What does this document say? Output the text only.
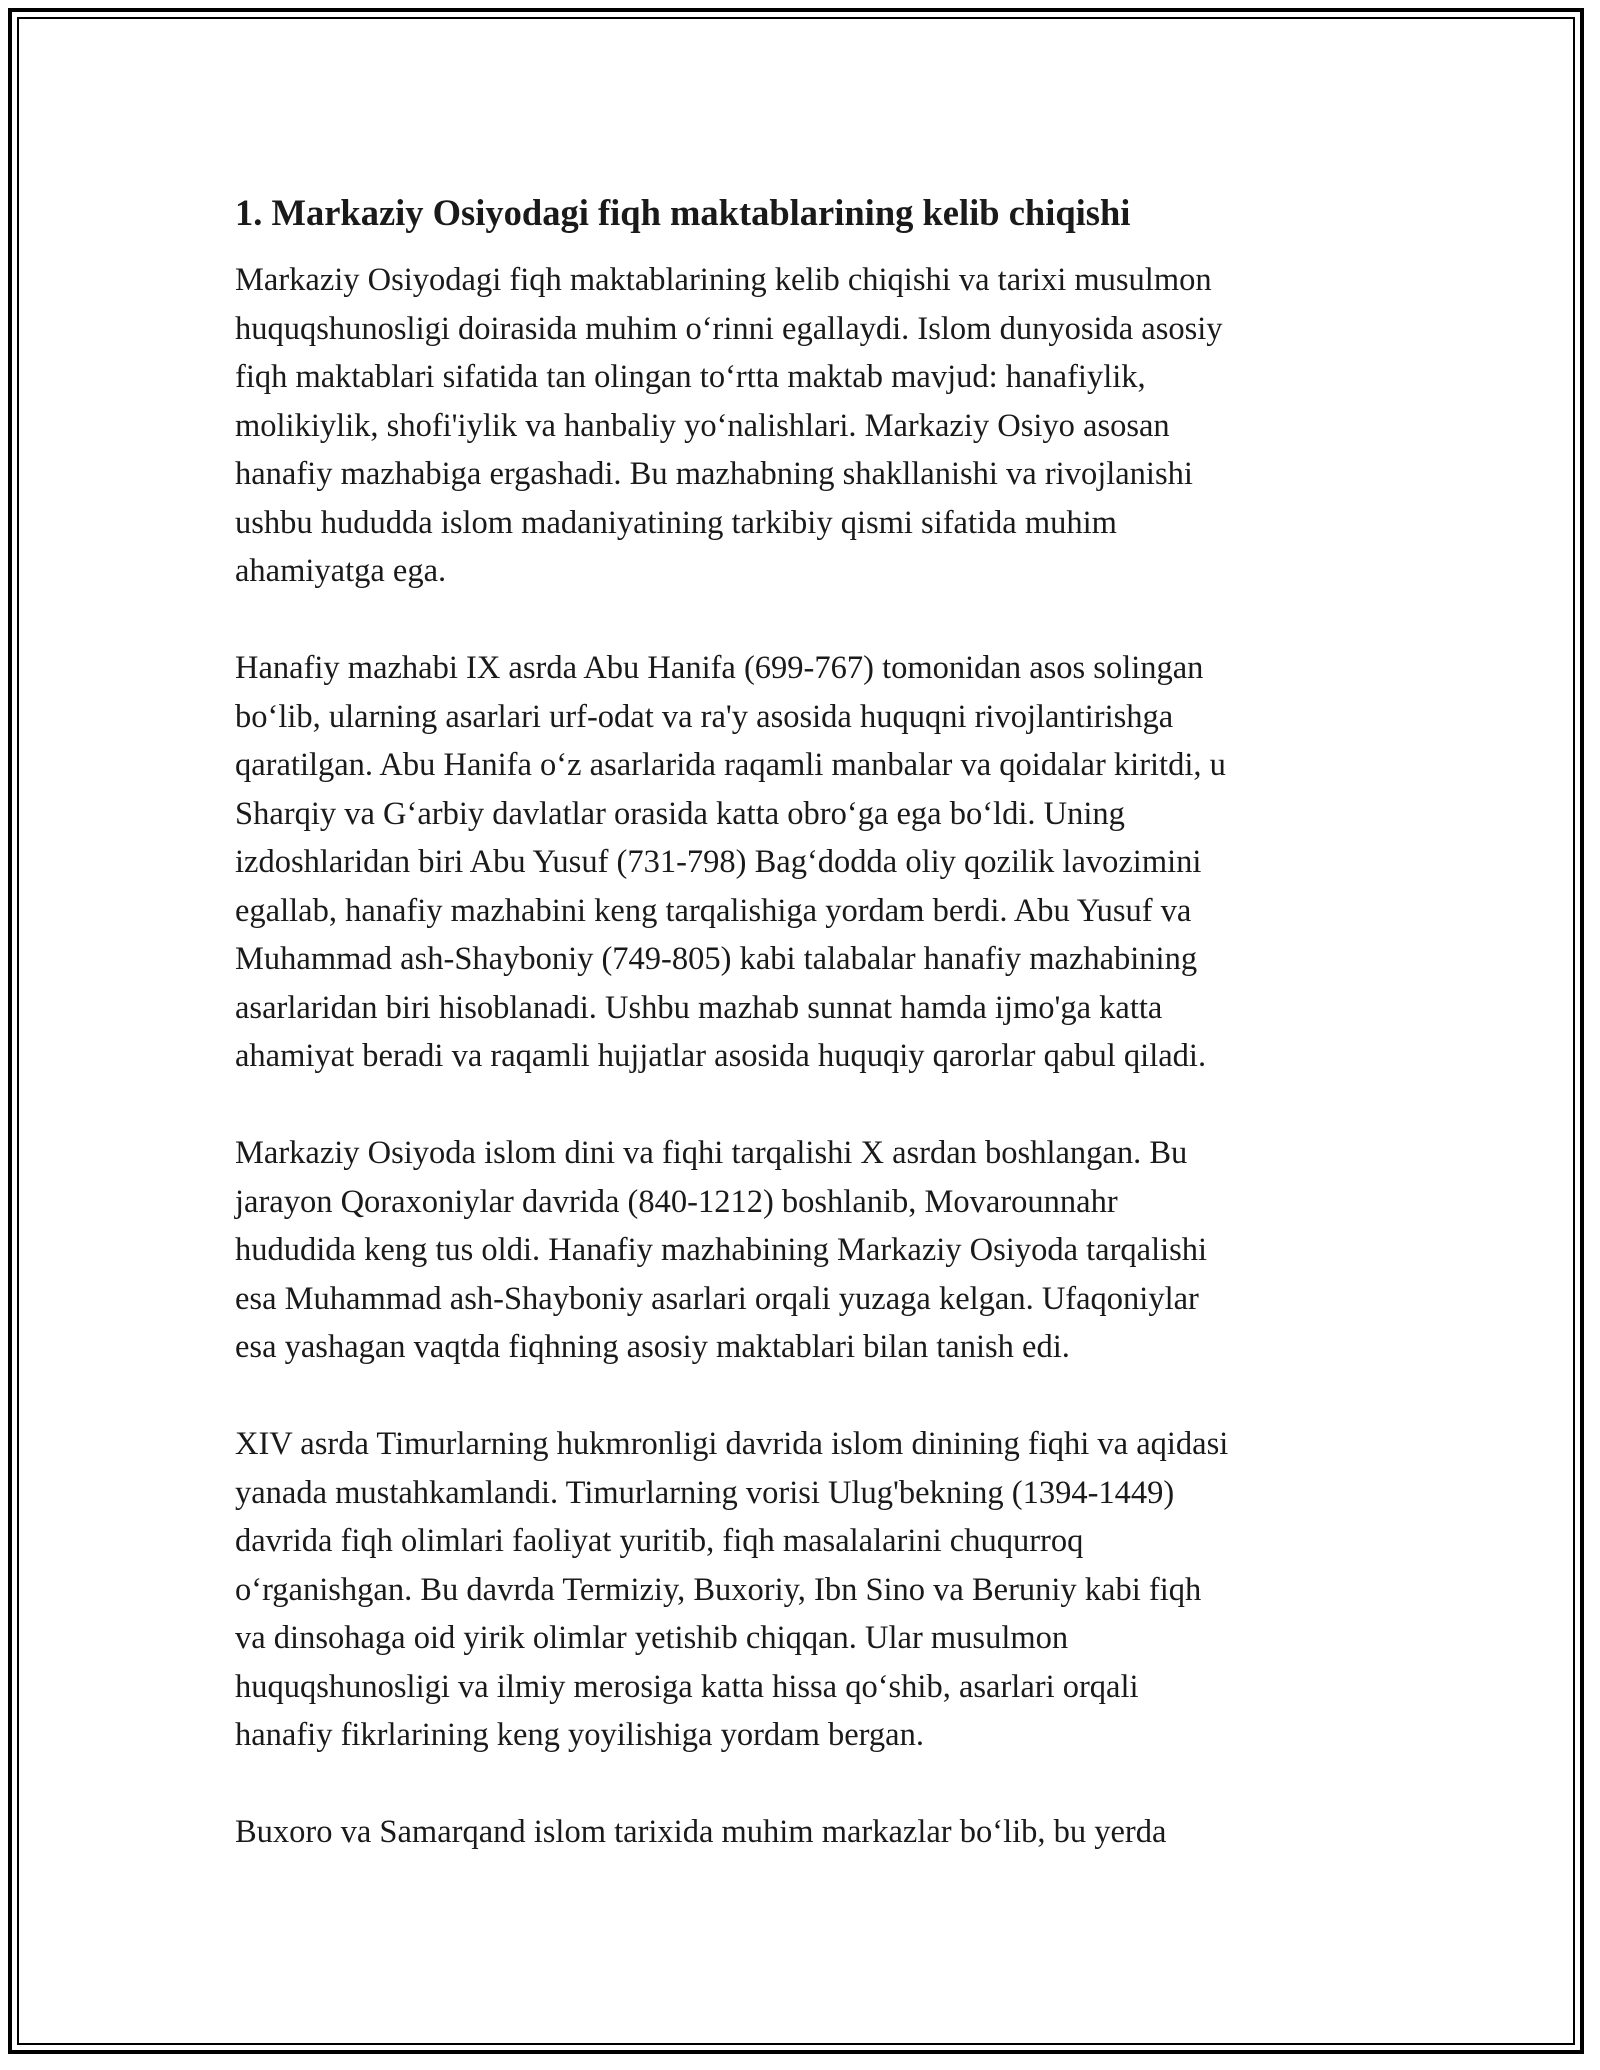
1. Markaziy Osiyodagi fiqh maktablarining kelib chiqishi

Markaziy Osiyodagi fiqh maktablarining kelib chiqishi va tarixi musulmon
huquqshunosligi doirasida muhim o‘rinni egallaydi. Islom dunyosida asosiy
fiqh maktablari sifatida tan olingan to‘rtta maktab mavjud: hanafiylik,
molikiylik, shofi'iylik va hanbaliy yo‘nalishlari. Markaziy Osiyo asosan
hanafiy mazhabiga ergashadi. Bu mazhabning shakllanishi va rivojlanishi
ushbu hududda islom madaniyatining tarkibiy qismi sifatida muhim
ahamiyatga ega.

Hanafiy mazhabi IX asrda Abu Hanifa (699-767) tomonidan asos solingan
bo‘lib, ularning asarlari urf-odat va ra'y asosida huquqni rivojlantirishga
qaratilgan. Abu Hanifa o‘z asarlarida raqamli manbalar va qoidalar kiritdi, u
Sharqiy va G‘arbiy davlatlar orasida katta obro‘ga ega bo‘ldi. Uning
izdoshlaridan biri Abu Yusuf (731-798) Bag‘dodda oliy qozilik lavozimini
egallab, hanafiy mazhabini keng tarqalishiga yordam berdi. Abu Yusuf va
Muhammad ash-Shayboniy (749-805) kabi talabalar hanafiy mazhabining
asarlaridan biri hisoblanadi. Ushbu mazhab sunnat hamda ijmo'ga katta
ahamiyat beradi va raqamli hujjatlar asosida huquqiy qarorlar qabul qiladi.

Markaziy Osiyoda islom dini va fiqhi tarqalishi X asrdan boshlangan. Bu
jarayon Qoraxoniylar davrida (840-1212) boshlanib, Movarounnahr
hududida keng tus oldi. Hanafiy mazhabining Markaziy Osiyoda tarqalishi
esa Muhammad ash-Shayboniy asarlari orqali yuzaga kelgan. Ufaqoniylar
esa yashagan vaqtda fiqhning asosiy maktablari bilan tanish edi.

XIV asrda Timurlarning hukmronligi davrida islom dinining fiqhi va aqidasi
yanada mustahkamlandi. Timurlarning vorisi Ulug'bekning (1394-1449)
davrida fiqh olimlari faoliyat yuritib, fiqh masalalarini chuqurroq
o‘rganishgan. Bu davrda Termiziy, Buxoriy, Ibn Sino va Beruniy kabi fiqh
va dinsohaga oid yirik olimlar yetishib chiqqan. Ular musulmon
huquqshunosligi va ilmiy merosiga katta hissa qo‘shib, asarlari orqali
hanafiy fikrlarining keng yoyilishiga yordam bergan.

Buxoro va Samarqand islom tarixida muhim markazlar bo‘lib, bu yerda
